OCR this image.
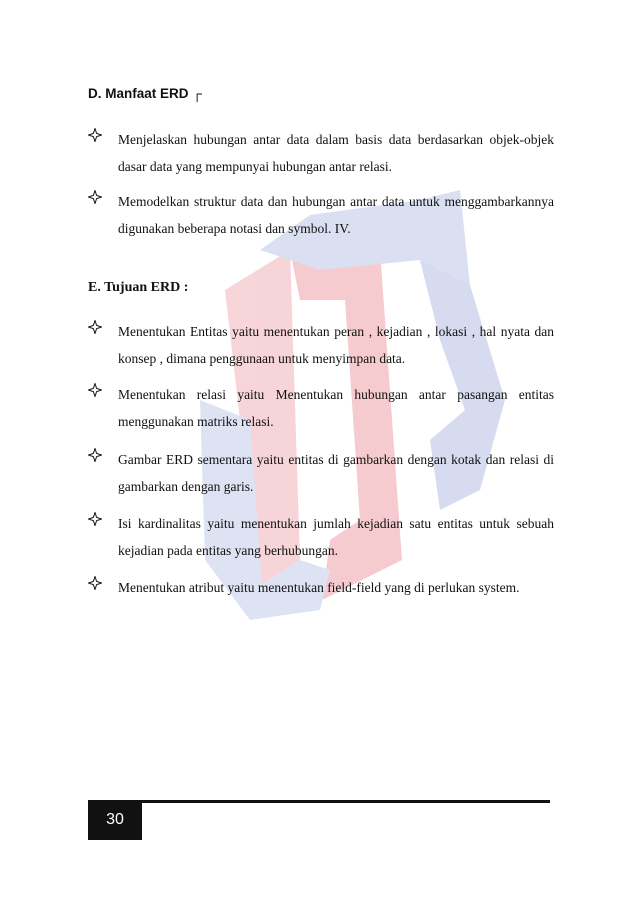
D. Manfaat ERD ┌
Menjelaskan hubungan antar data dalam basis data berdasarkan objek-objek dasar data yang mempunyai hubungan antar relasi.
Memodelkan struktur data dan hubungan antar data untuk menggambarkannya digunakan beberapa notasi dan symbol. IV.
E. Tujuan ERD :
Menentukan Entitas yaitu menentukan peran , kejadian , lokasi , hal nyata dan konsep , dimana penggunaan untuk menyimpan data.
Menentukan relasi yaitu Menentukan hubungan antar pasangan entitas menggunakan matriks relasi.
Gambar ERD sementara yaitu entitas di gambarkan dengan kotak dan relasi di gambarkan dengan garis.
Isi kardinalitas yaitu menentukan jumlah kejadian satu entitas untuk sebuah kejadian pada entitas yang berhubungan.
Menentukan atribut yaitu menentukan field-field yang di perlukan system.
30
